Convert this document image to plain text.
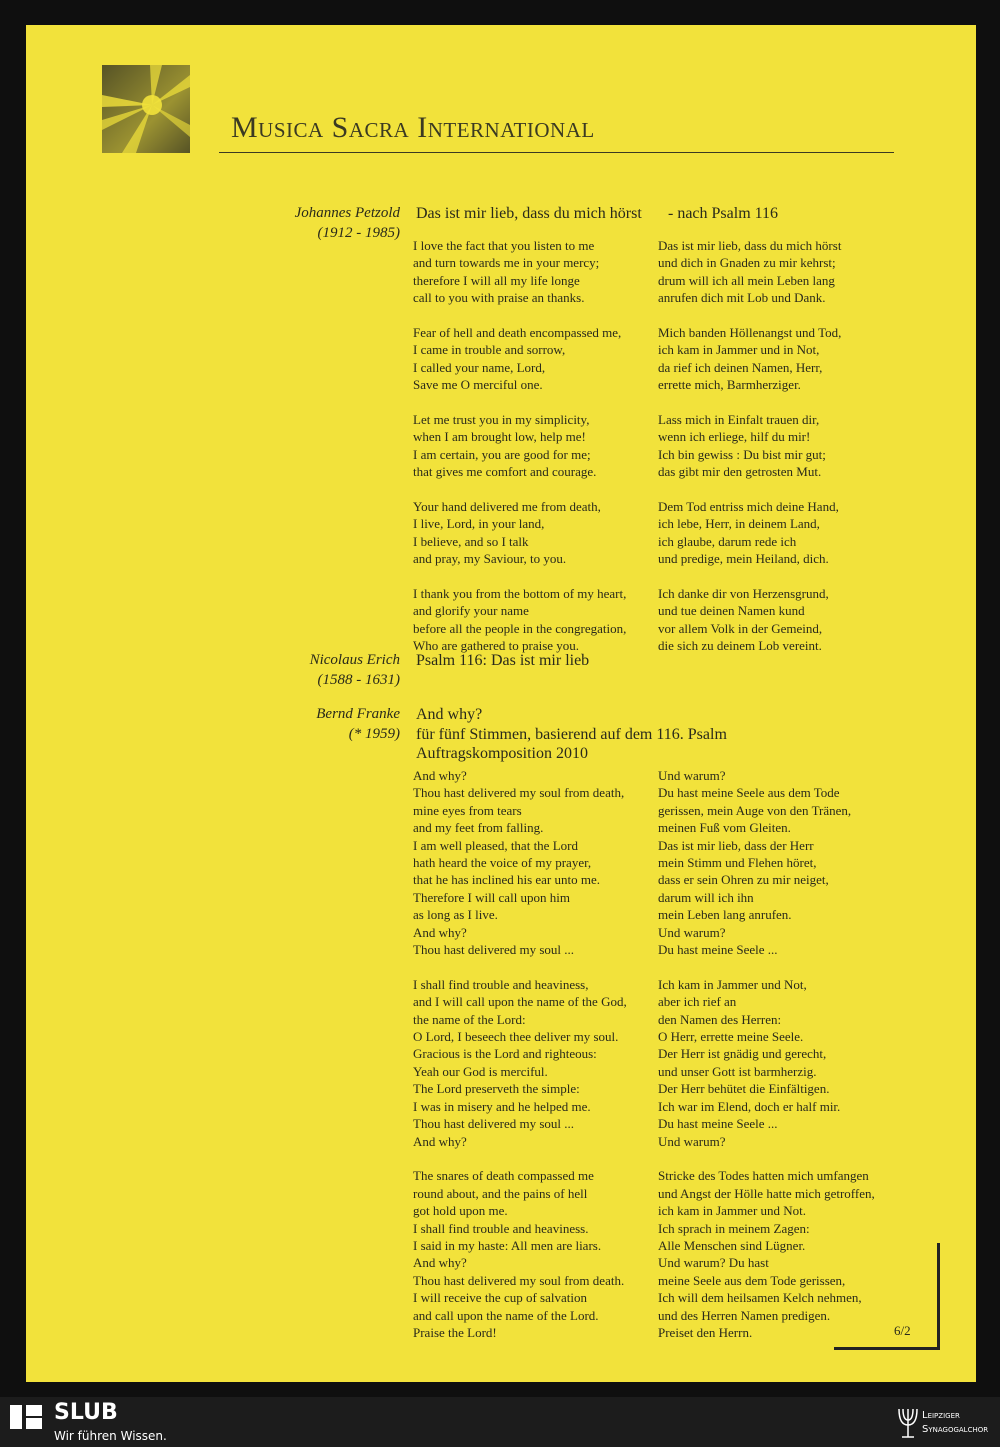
Musica Sacra International
Johannes Petzold
(1912 - 1985)
Das ist mir lieb, dass du mich hörst - nach Psalm 116
I love the fact that you listen to me
and turn towards me in your mercy;
therefore I will all my life longe
call to you with praise an thanks.
Fear of hell and death encompassed me,
I came in trouble and sorrow,
I called your name, Lord,
Save me O merciful one.
Let me trust you in my simplicity,
when I am brought low, help me!
I am certain, you are good for me;
that gives me comfort and courage.
Your hand delivered me from death,
I live, Lord, in your land,
I believe, and so I talk
and pray, my Saviour, to you.
I thank you from the bottom of my heart,
and glorify your name
before all the people in the congregation,
Who are gathered to praise you.
Das ist mir lieb, dass du mich hörst
und dich in Gnaden zu mir kehrst;
drum will ich all mein Leben lang
anrufen dich mit Lob und Dank.
Mich banden Höllenangst und Tod,
ich kam in Jammer und in Not,
da rief ich deinen Namen, Herr,
errette mich, Barmherziger.
Lass mich in Einfalt trauen dir,
wenn ich erliege, hilf du mir!
Ich bin gewiss : Du bist mir gut;
das gibt mir den getrosten Mut.
Dem Tod entriss mich deine Hand,
ich lebe, Herr, in deinem Land,
ich glaube, darum rede ich
und predige, mein Heiland, dich.
Ich danke dir von Herzensgrund,
und tue deinen Namen kund
vor allem Volk in der Gemeind,
die sich zu deinem Lob vereint.
Nicolaus Erich
(1588 - 1631)
Psalm 116: Das ist mir lieb
Bernd Franke
(* 1959)
And why?
für fünf Stimmen, basierend auf dem 116. Psalm
Auftragskomposition 2010
And why?
Thou hast delivered my soul from death,
mine eyes from tears
and my feet from falling.
I am well pleased, that the Lord
hath heard the voice of my prayer,
that he has inclined his ear unto me.
Therefore I will call upon him
as long as I live.
And why?
Thou hast delivered my soul ...
I shall find trouble and heaviness,
and I will call upon the name of the God,
the name of the Lord:
O Lord, I beseech thee deliver my soul.
Gracious is the Lord and righteous:
Yeah our God is merciful.
The Lord preserveth the simple:
I was in misery and he helped me.
Thou hast delivered my soul ...
And why?
The snares of death compassed me
round about, and the pains of hell
got hold upon me.
I shall find trouble and heaviness.
I said in my haste: All men are liars.
And why?
Thou hast delivered my soul from death.
I will receive the cup of salvation
and call upon the name of the Lord.
Praise the Lord!
Und warum?
Du hast meine Seele aus dem Tode
gerissen, mein Auge von den Tränen,
meinen Fuß vom Gleiten.
Das ist mir lieb, dass der Herr
mein Stimm und Flehen höret,
dass er sein Ohren zu mir neiget,
darum will ich ihn
mein Leben lang anrufen.
Und warum?
Du hast meine Seele ...
Ich kam in Jammer und Not,
aber ich rief an
den Namen des Herren:
O Herr, errette meine Seele.
Der Herr ist gnädig und gerecht,
und unser Gott ist barmherzig.
Der Herr behütet die Einfältigen.
Ich war im Elend, doch er half mir.
Du hast meine Seele ...
Und warum?
Stricke des Todes hatten mich umfangen
und Angst der Hölle hatte mich getroffen,
ich kam in Jammer und Not.
Ich sprach in meinem Zagen:
Alle Menschen sind Lügner.
Und warum? Du hast
meine Seele aus dem Tode gerissen,
Ich will dem heilsamen Kelch nehmen,
und des Herren Namen predigen.
Preiset den Herrn.	6/2
SLUB
Wir führen Wissen.
Leipziger
Synagogalchor
